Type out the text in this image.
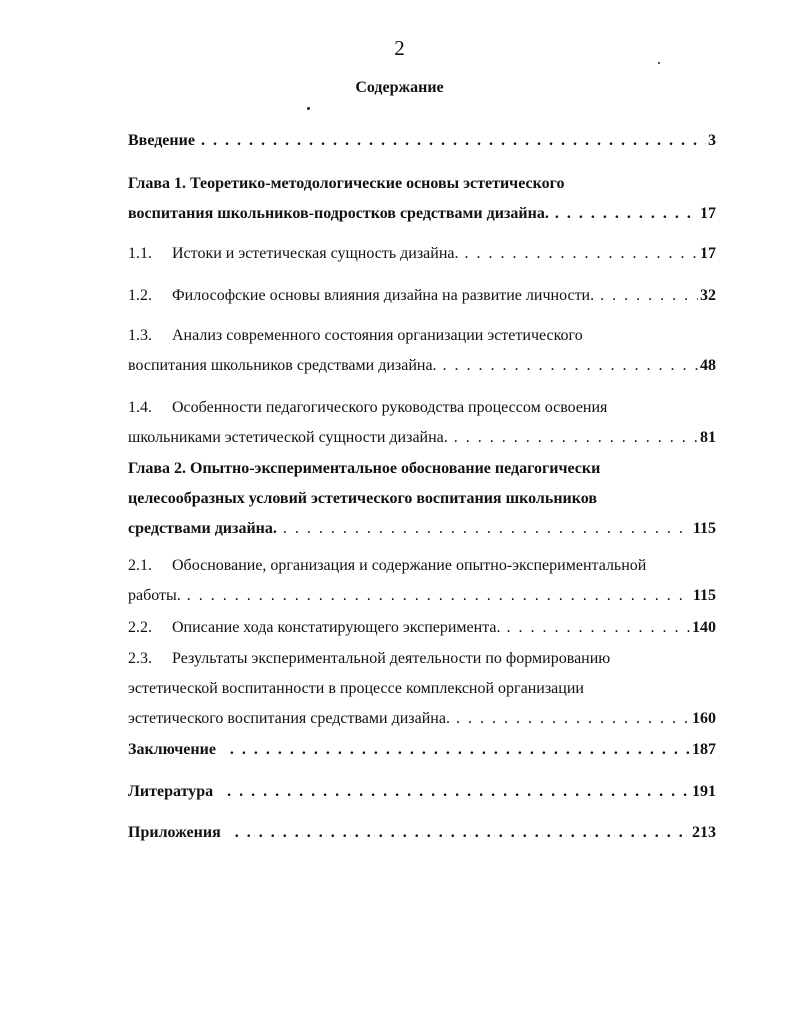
2
Содержание
Введение . . .	3
Глава 1. Теоретико-методологические основы эстетического
воспитания школьников-подростков средствами дизайна. . . .	17
1.1. Истоки и эстетическая сущность дизайна. . . .	17
1.2. Философские основы влияния дизайна на развитие личности. . . .	32
1.3. Анализ современного состояния организации эстетического
воспитания школьников средствами дизайна. . . .	48
1.4. Особенности педагогического руководства процессом освоения
школьниками эстетической сущности дизайна. . . .	81
Глава 2. Опытно-экспериментальное обоснование педагогически
целесообразных условий эстетического воспитания школьников
средствами дизайна. . . .	115
2.1. Обоснование, организация и содержание опытно-экспериментальной
работы. . . .	115
2.2. Описание хода констатирующего эксперимента. . . .	140
2.3. Результаты экспериментальной деятельности по формированию
эстетической воспитанности в процессе комплексной организации
эстетического воспитания средствами дизайна. . . .	160
Заключение . . .	187
Литература . . .	191
Приложения . . .	213
